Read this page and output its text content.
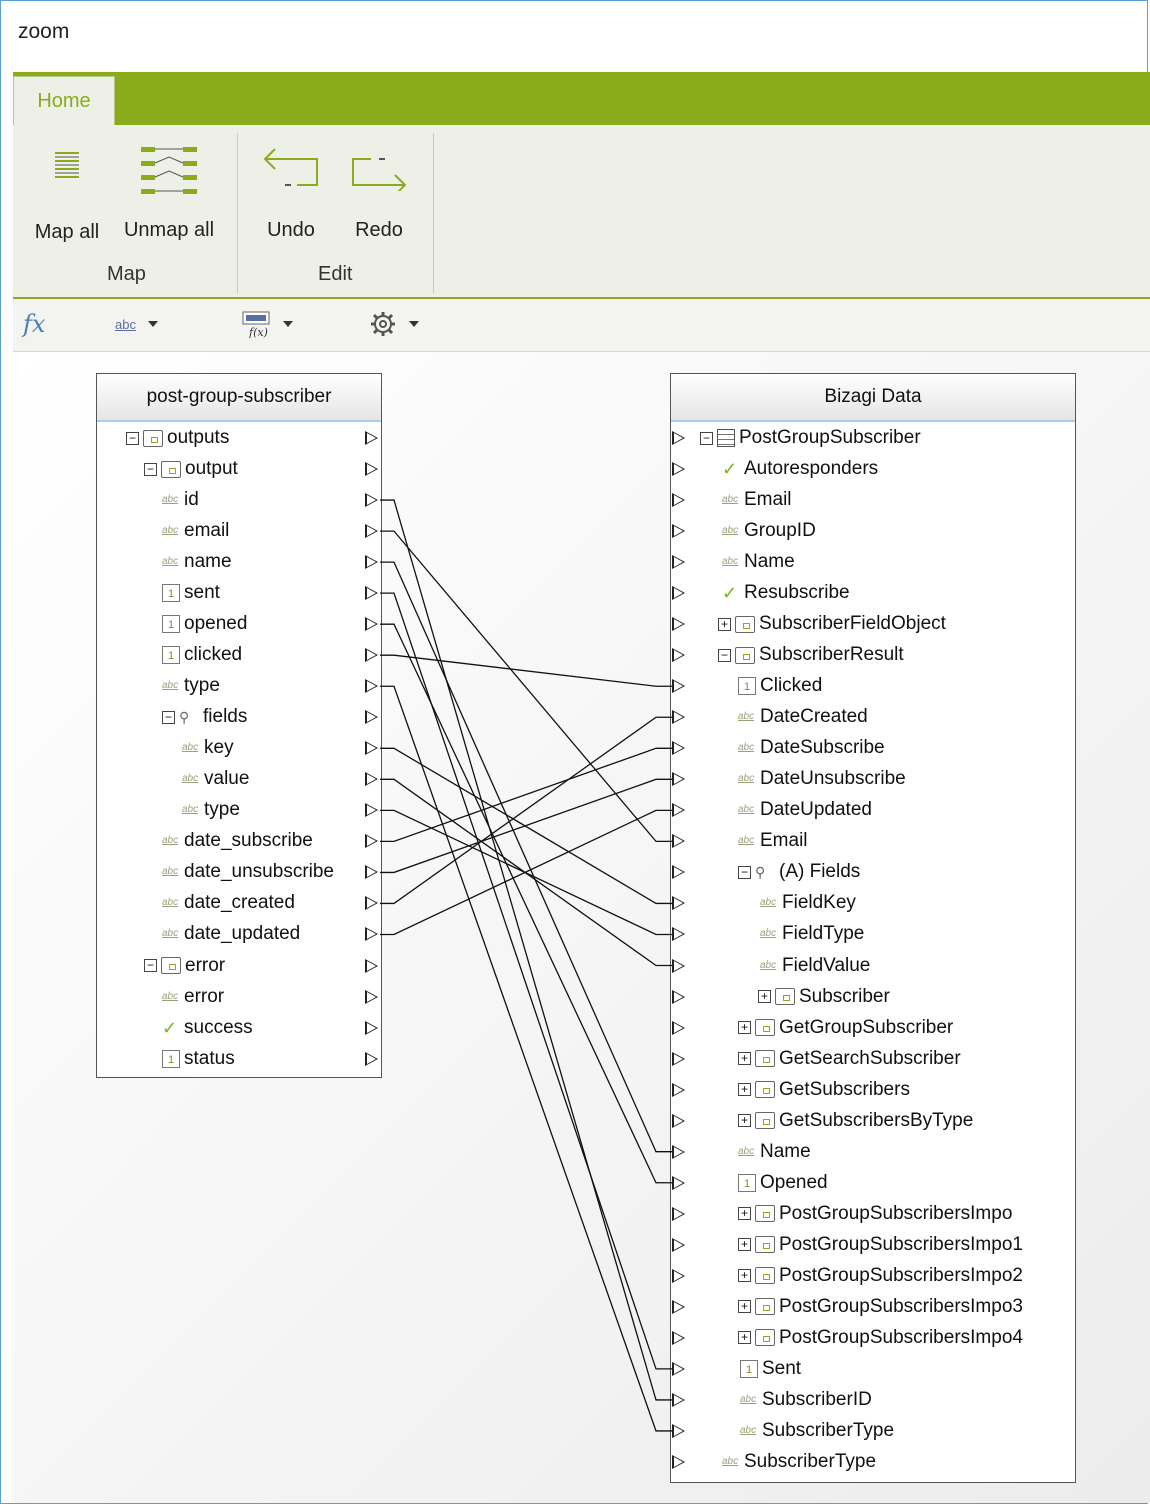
zoom
Home
Map all	Unmap all
Map
Undo	Redo
Edit
fx	abc
f(x)
post-group-subscriber	Bizagi Data
− outputs
− output
abc id
abc email
abc name
1 sent
1 opened
1 clicked
abc type
− ⚲ fields
abc key
abc value
abc type
abc date_subscribe
abc date_unsubscribe
abc date_created
abc date_updated
− error
abc error
✓ success
1 status
− PostGroupSubscriber
✓ Autoresponders
abc Email
abc GroupID
abc Name
✓ Resubscribe
+ SubscriberFieldObject
− SubscriberResult
1 Clicked
abc DateCreated
abc DateSubscribe
abc DateUnsubscribe
abc DateUpdated
abc Email
− ⚲ (A) Fields
abc FieldKey
abc FieldType
abc FieldValue
+ Subscriber
+ GetGroupSubscriber
+ GetSearchSubscriber
+ GetSubscribers
+ GetSubscribersByType
abc Name
1 Opened
+ PostGroupSubscribersImpo
+ PostGroupSubscribersImpo1
+ PostGroupSubscribersImpo2
+ PostGroupSubscribersImpo3
+ PostGroupSubscribersImpo4
1 Sent
abc SubscriberID
abc SubscriberType
abc SubscriberType
